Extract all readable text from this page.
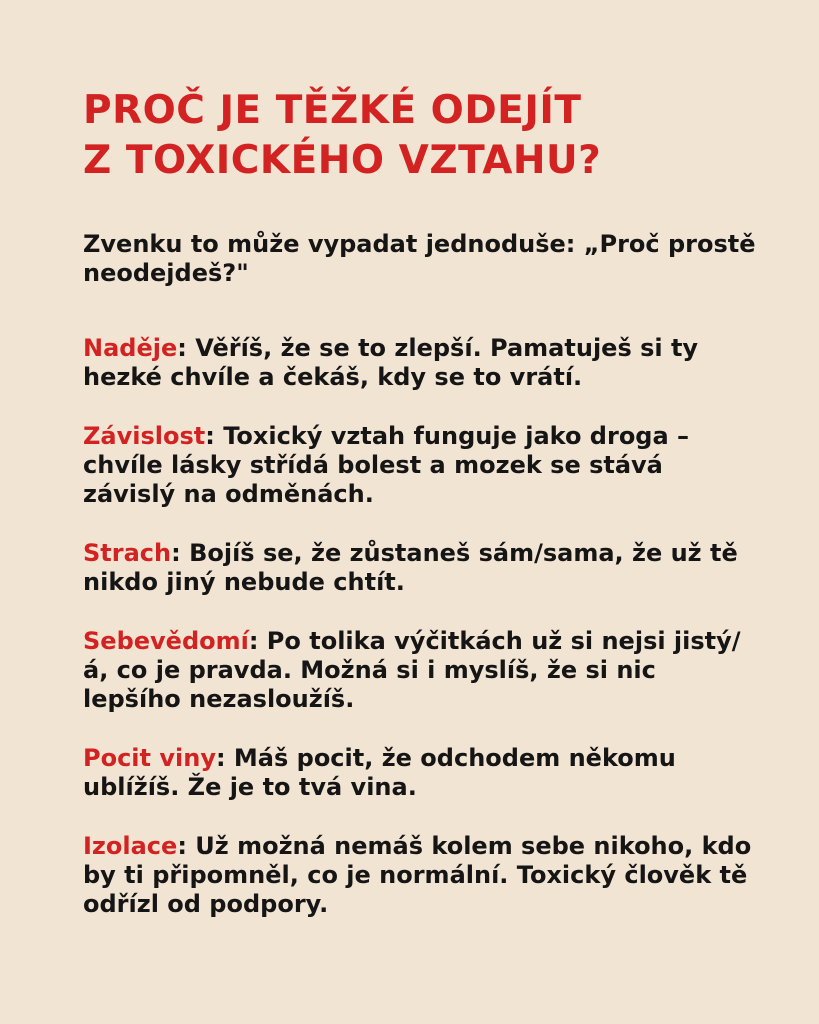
PROČ JE TĚŽKÉ ODEJÍT
Z TOXICKÉHO VZTAHU?

Zvenku to může vypadat jednoduše: „Proč prostě neodejdeš?"

Naděje: Věříš, že se to zlepší. Pamatuješ si ty hezké chvíle a čekáš, kdy se to vrátí.

Závislost: Toxický vztah funguje jako droga – chvíle lásky střídá bolest a mozek se stává závislý na odměnách.

Strach: Bojíš se, že zůstaneš sám/sama, že už tě nikdo jiný nebude chtít.

Sebevědomí: Po tolika výčitkách už si nejsi jistý/á, co je pravda. Možná si i myslíš, že si nic lepšího nezasloužíš.

Pocit viny: Máš pocit, že odchodem někomu ublížíš. Že je to tvá vina.

Izolace: Už možná nemáš kolem sebe nikoho, kdo by ti připomněl, co je normální. Toxický člověk tě odřízl od podpory.
